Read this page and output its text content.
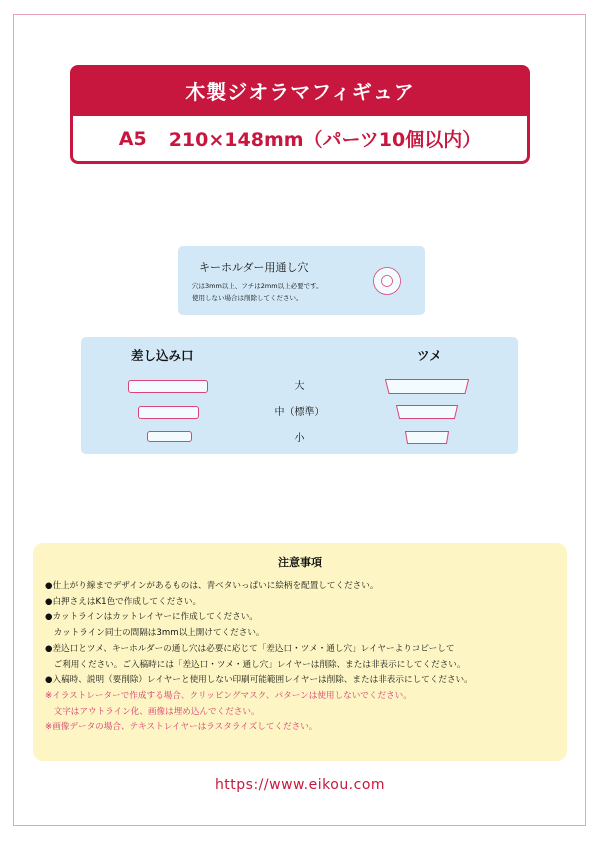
木製ジオラマフィギュア
A5 210×148mm（パーツ10個以内）
キーホルダー用通し穴
穴は3mm以上、フチは2mm以上必要です。
使用しない場合は削除してください。
差し込み口	ツメ
大
中（標準）
小
注意事項
●仕上がり線までデザインがあるものは、青ベタいっぱいに絵柄を配置してください。
●白押さえはK1色で作成してください。
●カットラインはカットレイヤーに作成してください。
　カットライン同士の間隔は3mm以上開けてください。
●差込口とツメ、キーホルダーの通し穴は必要に応じて「差込口・ツメ・通し穴」レイヤーよりコピーして
　ご利用ください。ご入稿時には「差込口・ツメ・通し穴」レイヤーは削除、または非表示にしてください。
●入稿時、説明（要削除）レイヤーと使用しない印刷可能範囲レイヤーは削除、または非表示にしてください。
※イラストレーターで作成する場合、クリッピングマスク、パターンは使用しないでください。
　文字はアウトライン化、画像は埋め込んでください。
※画像データの場合、テキストレイヤーはラスタライズしてください。
https://www.eikou.com
